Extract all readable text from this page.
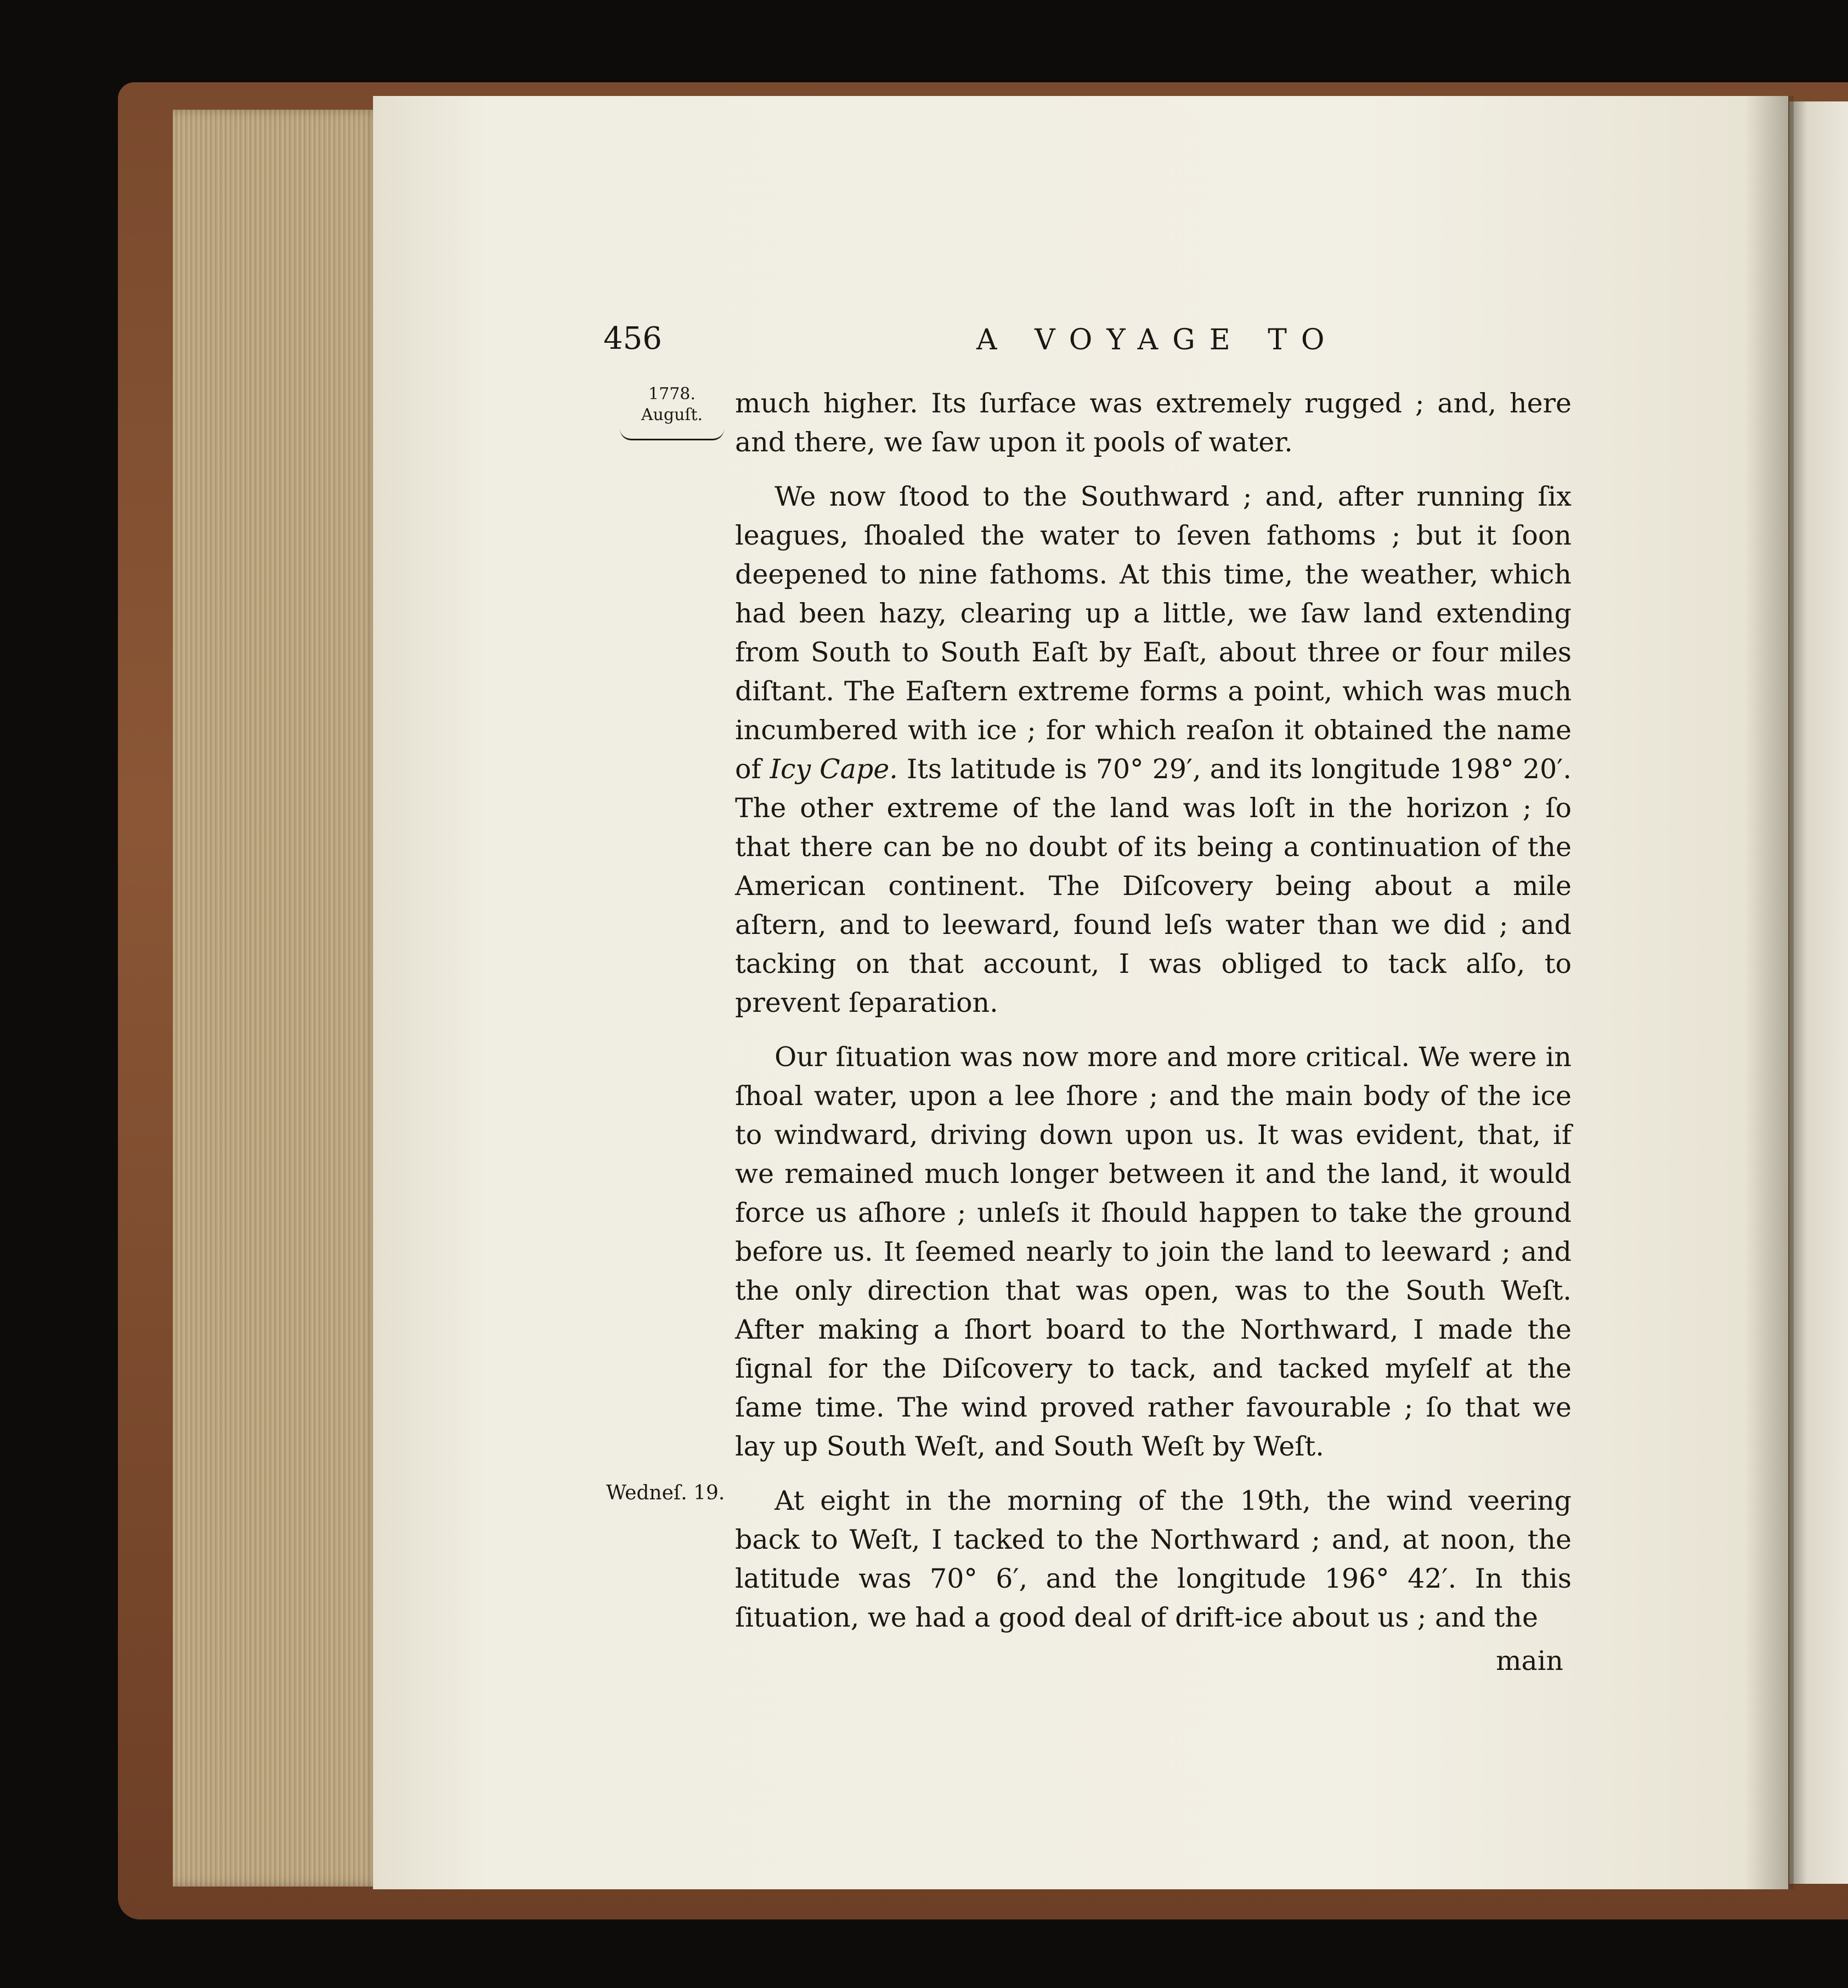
456	A VOYAGE TO
1778.
Auguſt.
Wedneſ. 19.

much higher. Its ſurface was extremely rugged ; and, here and there, we ſaw upon it pools of water.

We now ſtood to the Southward ; and, after running ſix leagues, ſhoaled the water to ſeven fathoms ; but it ſoon deepened to nine fathoms. At this time, the weather, which had been hazy, clearing up a little, we ſaw land extending from South to South Eaſt by Eaſt, about three or four miles diſtant. The Eaſtern extreme forms a point, which was much incumbered with ice ; for which reaſon it obtained the name of Icy Cape. Its latitude is 70° 29′, and its longitude 198° 20′. The other extreme of the land was loſt in the horizon ; ſo that there can be no doubt of its being a continuation of the American continent. The Diſcovery being about a mile aſtern, and to leeward, found leſs water than we did ; and tacking on that account, I was obliged to tack alſo, to prevent ſeparation.

Our ſituation was now more and more critical. We were in ſhoal water, upon a lee ſhore ; and the main body of the ice to windward, driving down upon us. It was evident, that, if we remained much longer between it and the land, it would force us aſhore ; unleſs it ſhould happen to take the ground before us. It ſeemed nearly to join the land to leeward ; and the only direction that was open, was to the South Weſt. After making a ſhort board to the Northward, I made the ſignal for the Diſcovery to tack, and tacked myſelf at the ſame time. The wind proved rather favourable ; ſo that we lay up South Weſt, and South Weſt by Weſt.

At eight in the morning of the 19th, the wind veering back to Weſt, I tacked to the Northward ; and, at noon, the latitude was 70° 6′, and the longitude 196° 42′. In this ſituation, we had a good deal of drift-ice about us ; and the

main
